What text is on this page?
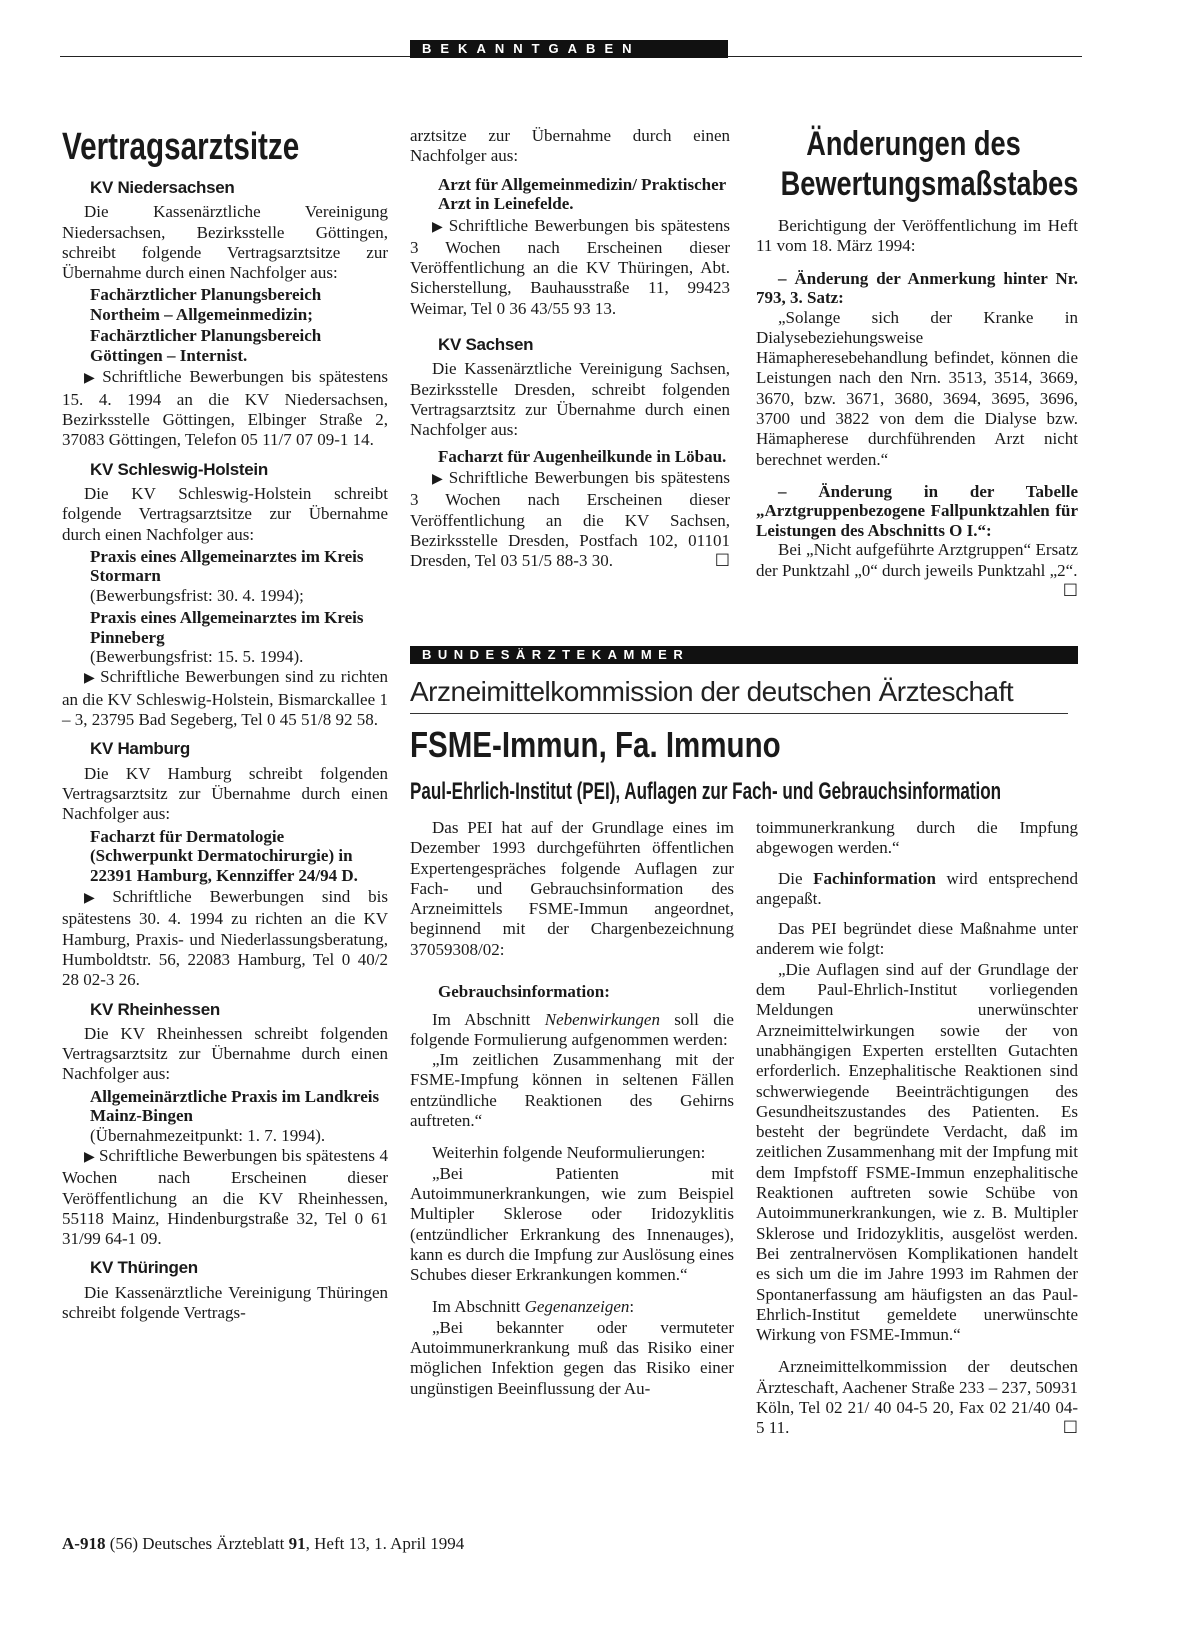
BEKANNTGABEN
Vertragsarztsitze
KV Niedersachsen

Die Kassenärztliche Vereinigung Niedersachsen, Bezirksstelle Göttingen, schreibt folgende Vertragsarztsitze zur Übernahme durch einen Nachfolger aus:

Fachärztlicher Planungsbereich Northeim – Allgemeinmedizin;
Fachärztlicher Planungsbereich Göttingen – Internist.

▶ Schriftliche Bewerbungen bis spätestens 15. 4. 1994 an die KV Niedersachsen, Bezirksstelle Göttingen, Elbinger Straße 2, 37083 Göttingen, Telefon 05 11/7 07 09-1 14.

KV Schleswig-Holstein

Die KV Schleswig-Holstein schreibt folgende Vertragsarztsitze zur Übernahme durch einen Nachfolger aus:

Praxis eines Allgemeinarztes im Kreis Stormarn

(Bewerbungsfrist: 30. 4. 1994);

Praxis eines Allgemeinarztes im Kreis Pinneberg

(Bewerbungsfrist: 15. 5. 1994).

▶ Schriftliche Bewerbungen sind zu richten an die KV Schleswig-Holstein, Bismarckallee 1 – 3, 23795 Bad Segeberg, Tel 0 45 51/8 92 58.

KV Hamburg

Die KV Hamburg schreibt folgenden Vertragsarztsitz zur Übernahme durch einen Nachfolger aus:

Facharzt für Dermatologie (Schwerpunkt Dermatochirurgie) in 22391 Hamburg, Kennziffer 24/94 D.

▶ Schriftliche Bewerbungen sind bis spätestens 30. 4. 1994 zu richten an die KV Hamburg, Praxis- und Niederlassungsberatung, Humboldtstr. 56, 22083 Hamburg, Tel 0 40/2 28 02-3 26.

KV Rheinhessen

Die KV Rheinhessen schreibt folgenden Vertragsarztsitz zur Übernahme durch einen Nachfolger aus:

Allgemeinärztliche Praxis im Landkreis Mainz-Bingen

(Übernahmezeitpunkt: 1. 7. 1994).

▶ Schriftliche Bewerbungen bis spätestens 4 Wochen nach Erscheinen dieser Veröffentlichung an die KV Rheinhessen, 55118 Mainz, Hindenburgstraße 32, Tel 0 61 31/99 64-1 09.

KV Thüringen

Die Kassenärztliche Vereinigung Thüringen schreibt folgende Vertrags-

arztsitze zur Übernahme durch einen Nachfolger aus:

Arzt für Allgemeinmedizin/ Praktischer Arzt in Leinefelde.

▶ Schriftliche Bewerbungen bis spätestens 3 Wochen nach Erscheinen dieser Veröffentlichung an die KV Thüringen, Abt. Sicherstellung, Bauhausstraße 11, 99423 Weimar, Tel 0 36 43/55 93 13.

KV Sachsen

Die Kassenärztliche Vereinigung Sachsen, Bezirksstelle Dresden, schreibt folgenden Vertragsarztsitz zur Übernahme durch einen Nachfolger aus:

Facharzt für Augenheilkunde in Löbau.

▶ Schriftliche Bewerbungen bis spätestens 3 Wochen nach Erscheinen dieser Veröffentlichung an die KV Sachsen, Bezirksstelle Dresden, Postfach 102, 01101 Dresden, Tel 03 51/5 88-3 30.	☐

Änderungen des
Bewertungsmaßstabes

Berichtigung der Veröffentlichung im Heft 11 vom 18. März 1994:

– Änderung der Anmerkung hinter Nr. 793, 3. Satz:

„Solange sich der Kranke in Dialysebeziehungsweise Hämapheresebehandlung befindet, können die Leistungen nach den Nrn. 3513, 3514, 3669, 3670, bzw. 3671, 3680, 3694, 3695, 3696, 3700 und 3822 von dem die Dialyse bzw. Hämapherese durchführenden Arzt nicht berechnet werden.“

– Änderung in der Tabelle „Arztgruppenbezogene Fallpunktzahlen für Leistungen des Abschnitts O I.“:

Bei „Nicht aufgeführte Arztgruppen“ Ersatz der Punktzahl „0“ durch jeweils Punktzahl „2“.
☐

BUNDESÄRZTEKAMMER
Arzneimittelkommission der deutschen Ärzteschaft
FSME-Immun, Fa. Immuno
Paul-Ehrlich-Institut (PEI), Auflagen zur Fach- und Gebrauchsinformation

Das PEI hat auf der Grundlage eines im Dezember 1993 durchgeführten öffentlichen Expertengespräches folgende Auflagen zur Fach- und Gebrauchsinformation des Arzneimittels FSME-Immun angeordnet, beginnend mit der Chargenbezeichnung 37059308/02:

Gebrauchsinformation:

Im Abschnitt Nebenwirkungen soll die folgende Formulierung aufgenommen werden:

„Im zeitlichen Zusammenhang mit der FSME-Impfung können in seltenen Fällen entzündliche Reaktionen des Gehirns auftreten.“

Weiterhin folgende Neuformulierungen:

„Bei Patienten mit Autoimmunerkrankungen, wie zum Beispiel Multipler Sklerose oder Iridozyklitis (entzündlicher Erkrankung des Innenauges), kann es durch die Impfung zur Auslösung eines Schubes dieser Erkrankungen kommen.“

Im Abschnitt Gegenanzeigen:

„Bei bekannter oder vermuteter Autoimmunerkrankung muß das Risiko einer möglichen Infektion gegen das Risiko einer ungünstigen Beeinflussung der Au-

toimmunerkrankung durch die Impfung abgewogen werden.“

Die Fachinformation wird entsprechend angepaßt.

Das PEI begründet diese Maßnahme unter anderem wie folgt:

„Die Auflagen sind auf der Grundlage der dem Paul-Ehrlich-Institut vorliegenden Meldungen unerwünschter Arzneimittelwirkungen sowie der von unabhängigen Experten erstellten Gutachten erforderlich. Enzephalitische Reaktionen sind schwerwiegende Beeinträchtigungen des Gesundheitszustandes des Patienten. Es besteht der begründete Verdacht, daß im zeitlichen Zusammenhang mit der Impfung mit dem Impfstoff FSME-Immun enzephalitische Reaktionen auftreten sowie Schübe von Autoimmunerkrankungen, wie z. B. Multipler Sklerose und Iridozyklitis, ausgelöst werden. Bei zentralnervösen Komplikationen handelt es sich um die im Jahre 1993 im Rahmen der Spontanerfassung am häufigsten an das Paul-Ehrlich-Institut gemeldete unerwünschte Wirkung von FSME-Immun.“

Arzneimittelkommission der deutschen Ärzteschaft, Aachener Straße 233 – 237, 50931 Köln, Tel 02 21/ 40 04-5 20, Fax 02 21/40 04-5 11.	☐

A-918 (56) Deutsches Ärzteblatt 91, Heft 13, 1. April 1994
